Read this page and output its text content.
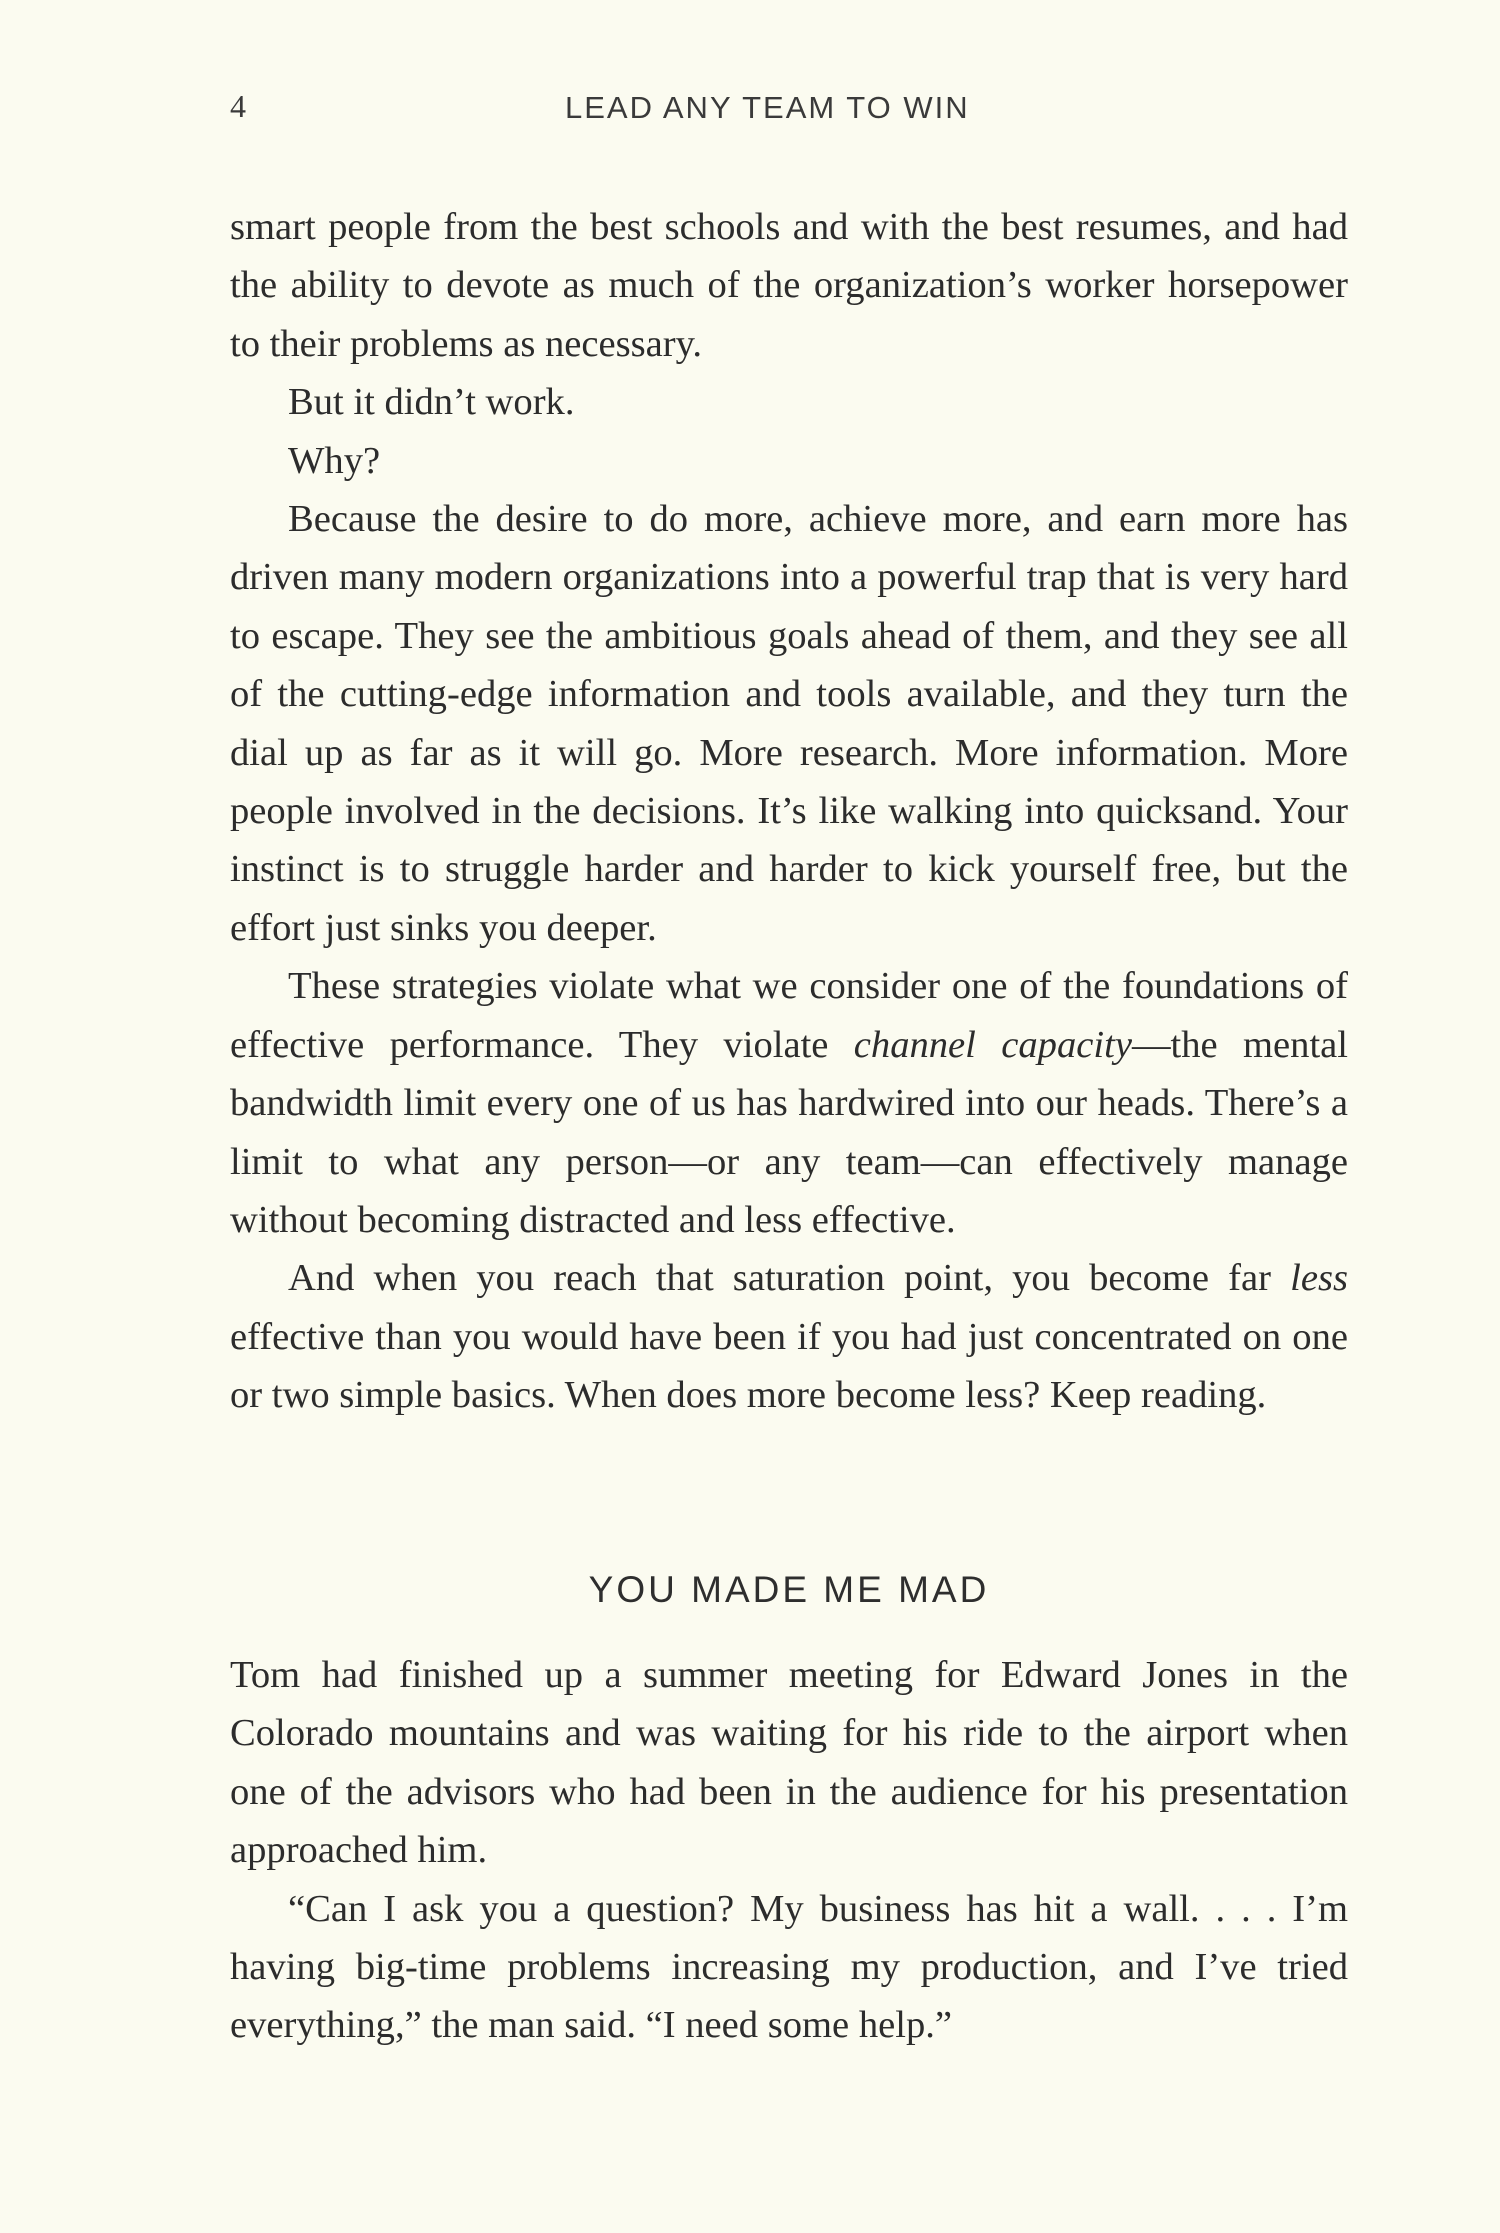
4	LEAD ANY TEAM TO WIN

smart people from the best schools and with the best resumes, and had the ability to devote as much of the organization’s worker horsepower to their problems as necessary.

But it didn’t work.

Why?

Because the desire to do more, achieve more, and earn more has driven many modern organizations into a powerful trap that is very hard to escape. They see the ambitious goals ahead of them, and they see all of the cutting-edge information and tools available, and they turn the dial up as far as it will go. More research. More information. More people involved in the decisions. It’s like walking into quicksand. Your instinct is to struggle harder and harder to kick yourself free, but the effort just sinks you deeper.

These strategies violate what we consider one of the foundations of effective performance. They violate channel capacity—the mental bandwidth limit every one of us has hardwired into our heads. There’s a limit to what any person—or any team—can effectively manage without becoming distracted and less effective.

And when you reach that saturation point, you become far less effective than you would have been if you had just concentrated on one or two simple basics. When does more become less? Keep reading.

YOU MADE ME MAD

Tom had finished up a summer meeting for Edward Jones in the Colorado mountains and was waiting for his ride to the airport when one of the advisors who had been in the audience for his presentation approached him.

“Can I ask you a question? My business has hit a wall. . . . I’m having big-time problems increasing my production, and I’ve tried everything,” the man said. “I need some help.”
